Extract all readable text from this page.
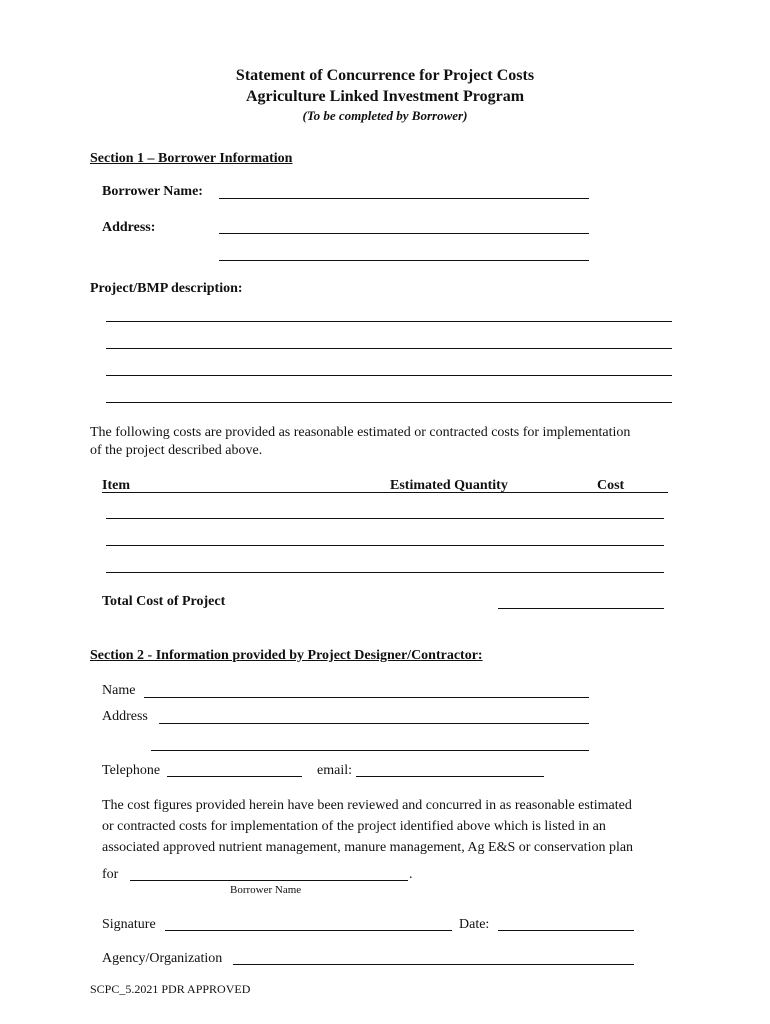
Statement of Concurrence for Project Costs
Agriculture Linked Investment Program
(To be completed by Borrower)
Section 1 – Borrower Information
Borrower Name:
Address:
Project/BMP description:
The following costs are provided as reasonable estimated or contracted costs for implementation
of the project described above.
Item	Estimated Quantity	Cost
Total Cost of Project
Section 2 - Information provided by Project Designer/Contractor:
Name
Address
Telephone	email:
The cost figures provided herein have been reviewed and concurred in as reasonable estimated
or contracted costs for implementation of the project identified above which is listed in an
associated approved nutrient management, manure management, Ag E&S or conservation plan
for	.
Borrower Name
Signature	Date:
Agency/Organization
SCPC_5.2021 PDR APPROVED
